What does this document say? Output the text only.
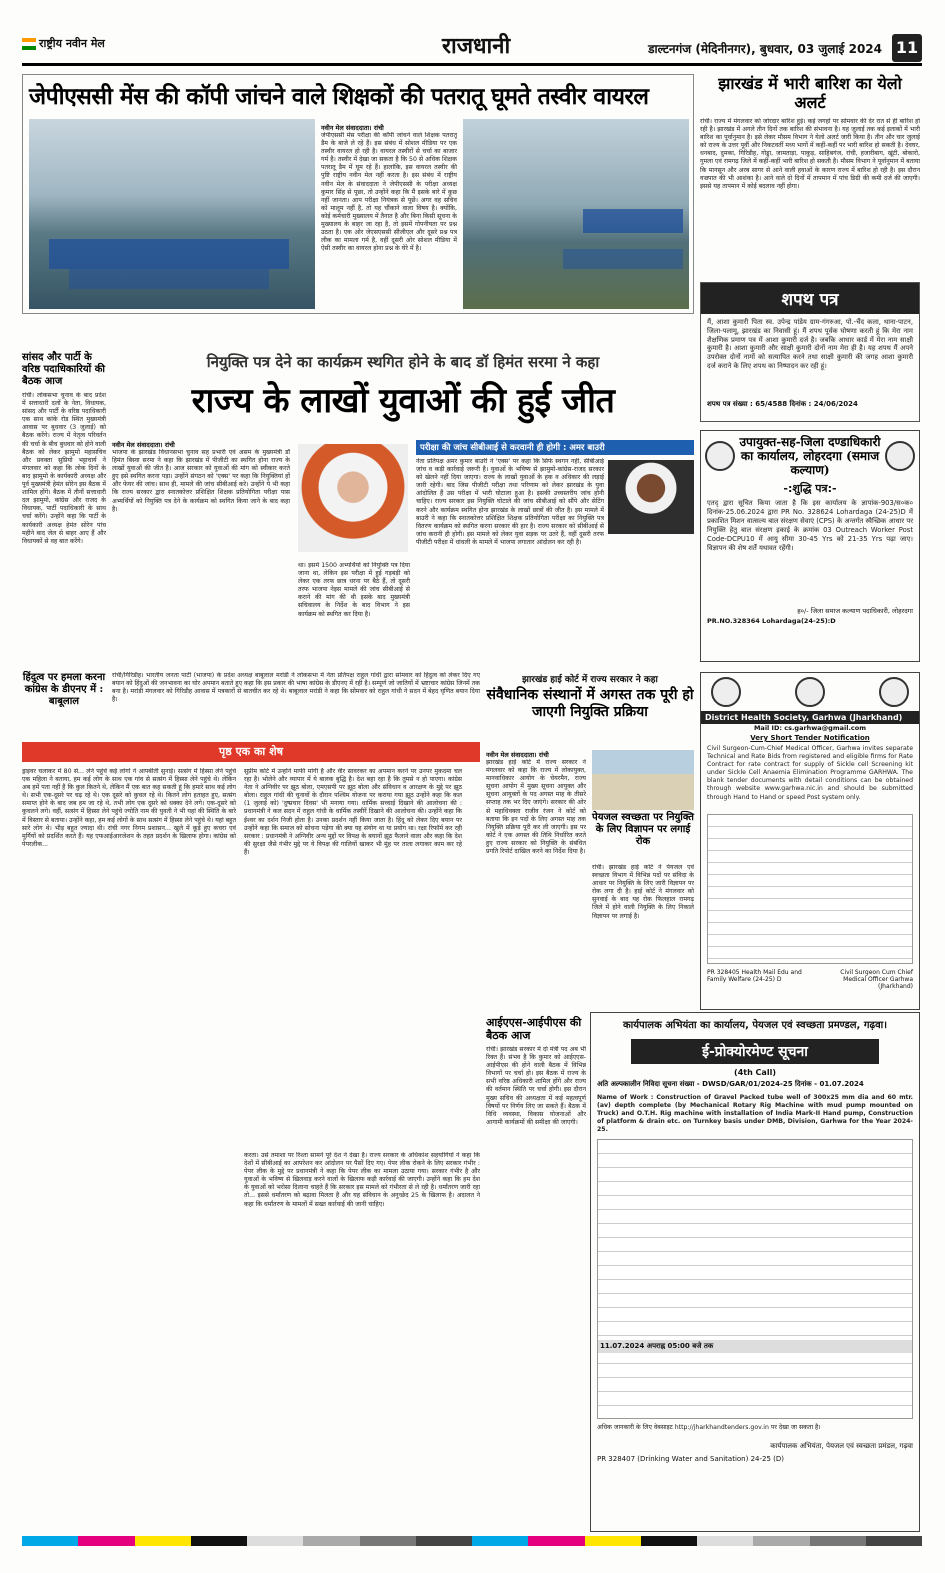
राष्ट्रीय नवीन मेल	राजधानी	डाल्टनगंज (मेदिनीनगर), बुधवार, 03 जुलाई 2024 11
जेपीएससी मेंस की कॉपी जांचने वाले शिक्षकों की पतरातू घूमते तस्वीर वायरल
नवीन मेल संवाददाता। रांची
जेपीएससी मेंस परीक्षा की कॉपी जांचने वाले शिक्षक पतरातू डैम के बाजे ले रहे हैं। इस संबंध में सोशल मीडिया पर एक तस्वीर वायरल हो रही है। वायरल तस्वीरों से चर्चा का बाजार गर्म है। तस्वीर में देखा जा सकता है कि 50 से अधिक शिक्षक पतरातू डैम में घूम रहे हैं। हालांकि, इस वायरल तस्वीर की पुष्टि राष्ट्रीय नवीन मेल नहीं करता है। इस संबंध में राष्ट्रीय नवीन मेल के संवाददाता ने जेपीएससी के परीक्षा अध्यक्ष कुमार सिंह से पूछा, तो उन्होंने कहा कि मैं इसके बारे में कुछ नहीं जानता। आप परीक्षा नियंत्रक से पूछें। अगर वह सचिव को मालूम नहीं है, तो यह चौंकाने वाला विषय है। क्योंकि, कोई कर्मचारी मुख्यालय में तैनात है और बिना किसी सूचना के मुख्यालय के बाहर जा रहा है, तो इसमें गोपनीयता पर प्रश्न उठता है। एक ओर जेएसएससी सीजीएल और दूसरे प्रश्न पत्र लीक का मामला गर्म है, वहीं दूसरी ओर सोशल मीडिया में ऐसी तस्वीर का वायरल होना प्रश्न के घेरे में है।
झारखंड में भारी बारिश का येलो अलर्ट
रांची। राज्य में मंगलवार को जोरदार बारिश हुई। कई जगहों पर सोमवार की देर रात से ही बारिश हो रही है। झारखंड में अगले तीन दिनों तक बारिश की संभावना है। यह जुलाई तक कई इलाकों में भारी बारिश का पूर्वानुमान है। इसे लेकर मौसम विभाग ने येलो अलर्ट जारी किया है। तीन और चार जुलाई को राज्य के उत्तर पूर्वी और निकटवर्ती मध्य भागों में कहीं-कहीं पर भारी बारिश हो सकती है। देवघर, धनबाद, दुमका, गिरिडीह, गोड्डा, जामताड़ा, पाकुड़, साहिबगंज, रांची, हजारीबाग, खूंटी, बोकारो, गुमला एवं रामगढ़ जिले में कहीं-कहीं भारी बारिश हो सकती है। मौसम विभाग ने पूर्वानुमान में बताया कि मानसून और अरब सागर से आने वाली हवाओं के कारण राज्य में बारिश हो रही है। इस दौरान वज्रपात की भी आशंका है। आने वाले दो दिनों में तापमान में पांच डिग्री की कमी दर्ज की जाएगी। इससे यह तापमान में कोई बदलाव नहीं होगा।
शपथ पत्र
मैं, आशा कुमारी पिता स्व. उपेन्द्र पांडेय ग्राम-गंगरुआ, पो.-चैंद कला, थाना-पाटन, जिला-पलामू, झारखंड का निवासी हूं। मैं शपथ पूर्वक घोषणा करती हूं कि मेरा नाम शैक्षणिक प्रमाण पत्र में आशा कुमारी दर्ज है। जबकि आधार कार्ड में मेरा नाम साक्षी कुमारी है। आशा कुमारी और साक्षी कुमारी दोनों नाम मेरा ही है। यह शपथ मैं अपने उपरोक्त दोनों नामों को सत्यापित करने तथा साक्षी कुमारी की जगह आशा कुमारी दर्ज कराने के लिए शपथ का निष्पादन कर रही हूं।
शपथ पत्र संख्या : 65/4588 दिनांक : 24/06/2024
सांसद और पार्टी के वरिष्ठ पदाधिकारियों की बैठक आज
रांची। लोकसभा चुनाव के बाद प्रदेश में सत्ताधारी दलों के नेता, विधायक, सांसद और पार्टी के वरिष्ठ पदाधिकारी एक साथ कांके रोड स्थित मुख्यमंत्री आवास पर बुधवार (3 जुलाई) को बैठक करेंगे। राज्य में नेतृत्व परिवर्तन की चर्चा के बीच बुधवार को होने वाली बैठक को लेकर झामुमो महासचिव और प्रवक्ता सुप्रियो भट्टाचार्य ने मंगलवार को कहा कि लोक दिनों के बाद झामुमो के कार्यकारी अध्यक्ष और पूर्व मुख्यमंत्री हेमंत सोरेन इस बैठक में शामिल होंगे। बैठक में तीनों सत्ताधारी दल झामुमो, कांग्रेस और राजद के विधायक, पार्टी पदाधिकारी के साथ चर्चा करेंगे। उन्होंने कहा कि पार्टी के कार्यकारी अध्यक्ष हेमंत सोरेन पांच महीने बाद जेल से बाहर आए हैं और विधायकों से वह बात करेंगे।
नियुक्ति पत्र देने का कार्यक्रम स्थगित होने के बाद डॉ हिमंत सरमा ने कहा
राज्य के लाखों युवाओं की हुई जीत
नवीन मेल संवाददाता। रांची
भाजपा के झारखंड विधानसभा चुनाव सह प्रभारी एवं असम के मुख्यमंत्री डॉ हिमंत बिस्वा सरमा ने कहा कि झारखंड में पीजीटी का स्थगित होना राज्य के लाखों युवाओं की जीत है। आज सरकार को युवाओं की मांग को स्वीकार करते हुए इसे स्थगित करना पड़ा। उन्होंने संगठन को 'एक्स' पर कहा कि नियुक्तियां हों और फेयर की जांच। साथ ही, मामले की जांच सीबीआई करे। उन्होंने ये भी कहा कि राज्य सरकार द्वारा स्नातकोत्तर प्रशिक्षित शिक्षक प्रतियोगिता परीक्षा पास अभ्यर्थियों को नियुक्ति पत्र देने के कार्यक्रम को स्थगित किया जाने के बाद कहा है।
था। इसमें 1500 अभ्यर्थियों को नियुक्ति पत्र दिया जाना था, लेकिन इस परीक्षा में हुई गड़बड़ी को लेकर एक तरफ छात्र धरना पर बैठे हैं, तो दूसरी तरफ भाजपा नेइस मामले की जांच सीबीआई से कराने की मांग की थी इसके बाद मुख्यमंत्री सचिवालय के निर्देश के बाद विभाग ने इस कार्यक्रम को स्थगित कर दिया है।
परीक्षा की जांच सीबीआई से करवानी ही होगी : अमर बाउरी
नेता प्रतिपक्ष अमर कुमार बाउरी ने 'एक्स' पर कहा कि सिर्फ स्थगन नहीं, सीबीआई जांच व कड़ी कार्रवाई जरूरी है। युवाओं के भविष्य से झामुमो-कांग्रेस-राजद सरकार को खेलने नहीं दिया जाएगा। राज्य के लाखों युवाओं के हक व अधिकार की लड़ाई जारी रहेगी। बाद जिस पीजीटी परीक्षा तथा परिणाम को लेकर झारखंड के युवा आंदोलित हैं उस परीक्षा में भारी घोटाला हुआ है। इसकी उच्चस्तरीय जांच होनी चाहिए। राज्य सरकार इस नियुक्ति घोटाले की जांच सीबीआई को सौंपे और सेटिंग करने और कार्यक्रम स्थगित होना झारखंड के लाखों छात्रों की जीत है। इस मामले में बाउरी ने कहा कि स्नातकोत्तर प्रशिक्षित शिक्षक प्रतियोगिता परीक्षा का नियुक्ति पत्र वितरण कार्यक्रम को स्थगित करना सरकार की हार है। राज्य सरकार को सीबीआई से जांच करानी ही होगी। इस मामले को लेकर युवा सड़क पर उतरे हैं, वहीं दूसरी तरफ पीजीटी परीक्षा में धांधली के मामले में भाजपा लगातार आंदोलन कर रही है।
उपायुक्त-सह-जिला दण्डाधिकारी का कार्यालय, लोहरदगा (समाज कल्याण)
-:शुद्धि पत्र:-
एतद् द्वारा सूचित किया जाता है कि इस कार्यालय के ज्ञापांक-903/स०क० दिनांक-25.06.2024 द्वारा PR No. 328624 Lohardaga (24-25)D में प्रकाशित मिशन वात्सल्य बाल संरक्षण सेवाएं (CPS) के अन्तर्गत स्वैच्छिक आधार पर नियुक्ति हेतु बाल संरक्षण इकाई के क्रमांक 03 Outreach Worker Post Code-DCPU10 में आयु सीमा 30-45 Yrs को 21-35 Yrs पढ़ा जाए। विज्ञापन की शेष शर्तें यथावत रहेंगी।
ह०/- जिला समाज कल्याण पदाधिकारी, लोहरदगा
PR.NO.328364 Lohardaga(24-25):D
District Health Society, Garhwa (Jharkhand)
Mail ID: cs.garhwa@gmail.com
Very Short Tender Notification
Civil Surgeon-Cum-Chief Medical Officer, Garhwa invites separate Technical and Rate Bids from registered and eligible firms for Rate Contract for rate contract for supply of Sickle cell Screening kit under Sickle Cell Anaemia Elimination Programme GARHWA. The blank tender documents with detail conditions can be obtained through website www.garhwa.nic.in and should be submitted through Hand to Hand or speed Post system only.
PR 328405 Health Mail Edu and Family Welfare (24-25) D
Civil Surgeon Cum Chief Medical Officer Garhwa (Jharkhand)
हिंदुत्व पर हमला करना कांग्रेस के डीएनए में : बाबूलाल
रांची/गिरिडीह। भारतीय जनता पार्टी (भाजपा) के प्रदेश अध्यक्ष बाबूलाल मरांडी ने लोकसभा में नेता प्रतिपक्ष राहुल गांधी द्वारा सोमवार को हिंदुत्व को लेकर दिए गए बयान को हिंदुओं की जनभावना का घोर अपमान बताते हुए कहा कि इस प्रकार की भाषा कांग्रेस के डीएनए में रही है। सम्पूर्ण जो जातियों में भ्रष्टाचार कांग्रेस जिनमें तक बना है। मरांडी मंगलवार को गिरिडीह आवास में पत्रकारों से बातचीत कर रहे थे। बाबूलाल मरांडी ने कहा कि सोमवार को राहुल गांधी ने सदन में बेहद घृणित बयान दिया है।
पृष्ठ एक का शेष
ड्राइवर चलाकर में 80 से... लेने पहुंचे कई लोगों ने आपबीती सुनाई। सत्संग में हिस्सा लेने पहुंचे एक महिला ने बताया, हम कई लोग के साथ एक गांव से सत्संग में हिस्सा लेने पहुंचे थे। लेकिन अब हमें पता नहीं है कि कुल कितने थे, लेकिन मैं एक बात कह सकती हूं कि हमारे साथ कई लोग थे। सभी एक-दूसरे पर चढ़ रहे थे। एक दूसरे को कुचल रहे थे। कितने लोग हताहत हुए, सत्संग समाप्त होने के बाद जब हम जा रहे थे, तभी लोग एक दूसरे को धक्का देने लगे। एक-दूसरे को कुचलने लगे। वहीं, सत्संग में हिस्सा लेने पहुंचे ज्योति नाम की युवती ने भी यहां की स्थिति के बारे में विस्तार से बताया। उन्होंने कहा, हम कई लोगों के साथ सत्संग में हिस्सा लेने पहुंचे थे। यहां बहुत सारे लोग थे। भीड़ बहुत ज्यादा थी। रांची नगर निगम प्रशासन... खुले में कूड़े हुए कचरा एवं मुर्गियों को प्रदर्शित करते हैं। यह एफआईआरजेशन के तहत प्रदर्शन के खिलाफ होगा। कांग्रेस को पेपरलीक...
सुप्रीम कोर्ट में उन्होंने माफी मांगी है और वीर सावरकर का अपमान करने पर उनपर मुकदमा चल रहा है। भोलेने और व्यापार में ये बालक बुद्धि है। देश बहा रहा है कि तुमसे न हो पाएगा। कांग्रेस नेता ने अग्निवीर पर झूठ बोला, एमएसपी पर झूठ बोला और संविधान व आरक्षण के मुद्दे पर झूठ बोला। राहुल गांधी की चुनावों के दौरान पश्चिम योजना पर कराया गया झूठ उन्होंने कहा कि कल (1 जुलाई को) 'दुष्प्रचार दिवस' भी मनाया गया। धार्मिक सच्चाई दिखाने की आलोचना की : प्रधानमंत्री ने कल सदन में राहुल गांधी के धार्मिक तस्वीरें दिखाने की आलोचना की। उन्होंने कहा कि ईश्वर का दर्शन निजी होता है। उनका प्रदर्शन नहीं किया जाता है। हिंदू को लेकर दिए बयान पर उन्होंने कहा कि समाज को सोचना पड़ेगा की क्या यह संयोग था या प्रयोग था। रक्षा रिफॉर्म कर रही सरकार : प्रधानमंत्री ने अग्निवीर अन्य मुद्दों पर विपक्ष के बयानों झूठ फैलाने वाला और कहा कि देश की सुरक्षा जैसे गंभीर मुद्दे पर ये विपक्ष की गालियों खाकर भी मुंह पर ताला लगाकर काम कर रहे हैं।
करता। उसे तमाशा पर रिश्ता सामने पूरे देश ने देखा है। राज्य सरकार के अधिकांश सहयोगियों ने कहा कि देशों में सीबीआई का आपरेशन कर आंदोलन पर पैसों दिए गए। पेपर लीक रोकने के लिए सरकार गंभीर : पेपर लीक के मुद्दे पर प्रधानमंत्री ने कहा कि पेपर लीक का मामला उठाया गया। सरकार गंभीर है और युवाओं के भविष्य से खिलवाड़ करने वालों के खिलाफ कड़ी कार्रवाई की जाएगी। उन्होंने कहा कि हम देश के युवाओं को भरोसा दिलाना चाहते हैं कि सरकार इस मामले को गंभीरता से ले रही है। धर्मांतरण जारी रहा तो... इससे धर्मांतरण को बढ़ावा मिलता है और यह संविधान के अनुच्छेद 25 के खिलाफ है। अदालत ने कहा कि धर्मांतरण के मामलों में सख्त कार्रवाई की जानी चाहिए।
झारखंड हाई कोर्ट में राज्य सरकार ने कहा
संवैधानिक संस्थानों में अगस्त तक पूरी हो जाएगी नियुक्ति प्रक्रिया
नवीन मेल संवाददाता। रांची
झारखंड हाई कोर्ट में राज्य सरकार ने मंगलवार को कहा कि राज्य में लोकायुक्त, मानवाधिकार आयोग के चेयरमैन, राज्य सूचना आयोग में मुख्य सूचना आयुक्त और सूचना आयुक्तों के पद अगस्त माह के तीसरे सप्ताह तक भर दिए जाएंगे। सरकार की ओर से महाधिवक्ता राजीव रंजन ने कोर्ट को बताया कि इन पदों के लिए अगस्त माह तक नियुक्ति प्रक्रिया पूरी कर ली जाएगी। इस पर कोर्ट ने एक अगस्त की तिथि निर्धारित करते हुए राज्य सरकार को नियुक्ति के संबंधित प्रगति रिपोर्ट दाखिल करने का निर्देश दिया है।
पेयजल स्वच्छता पर नियुक्ति के लिए विज्ञापन पर लगाई रोक
रांची। झारखंड हाई कोर्ट ने पेयजल एवं स्वच्छता विभाग में विभिन्न पदों पर संविदा के आधार पर नियुक्ति के लिए जारी विज्ञापन पर रोक लगा दी है। हाई कोर्ट ने मंगलवार को सुनवाई के बाद यह रोक फिलहाल रामगढ़ जिले में होने वाली नियुक्ति के लिए निकाले विज्ञापन पर लगाई है।
आईएएस-आईपीएस की बैठक आज
रांची। झारखंड सरकार में दो मंत्री पद अब भी रिक्त हैं। संभव है कि कुमार को आईएएस-आईपीएस की होने वाली बैठक में विभिन्न विभागों पर चर्चा हो। इस बैठक में राज्य के सभी वरिष्ठ अधिकारी शामिल होंगे और राज्य की वर्तमान स्थिति पर चर्चा होगी। इस दौरान मुख्य सचिव की अध्यक्षता में कई महत्वपूर्ण विषयों पर निर्णय लिए जा सकते हैं। बैठक में विधि व्यवस्था, विकास योजनाओं और आगामी कार्यक्रमों की समीक्षा की जाएगी।
कार्यपालक अभियंता का कार्यालय, पेयजल एवं स्वच्छता प्रमण्डल, गढ़वा।
ई-प्रोक्योरमेण्ट सूचना
(4th Call)
अति अल्पकालीन निविदा सूचना संख्या - DWSD/GAR/01/2024-25 दिनांक - 01.07.2024
Name of Work : Construction of Gravel Packed tube well of 300x25 mm dia and 60 mtr. (av) depth complete (by Mechanical Rotary Rig Machine with mud pump mounted on Truck) and O.T.H. Rig machine with installation of India Mark-II Hand pump, Construction of platform & drain etc. on Turnkey basis under DMB, Division, Garhwa for the Year 2024-25.
11.07.2024 अपराह्न 05:00 बजे तक
अधिक जानकारी के लिए वेबसाइट http://jharkhandtenders.gov.in पर देखा जा सकता है।
कार्यपालक अभियंता, पेयजल एवं स्वच्छता प्रमंडल, गढ़वा
PR 328407 (Drinking Water and Sanitation) 24-25 (D)
